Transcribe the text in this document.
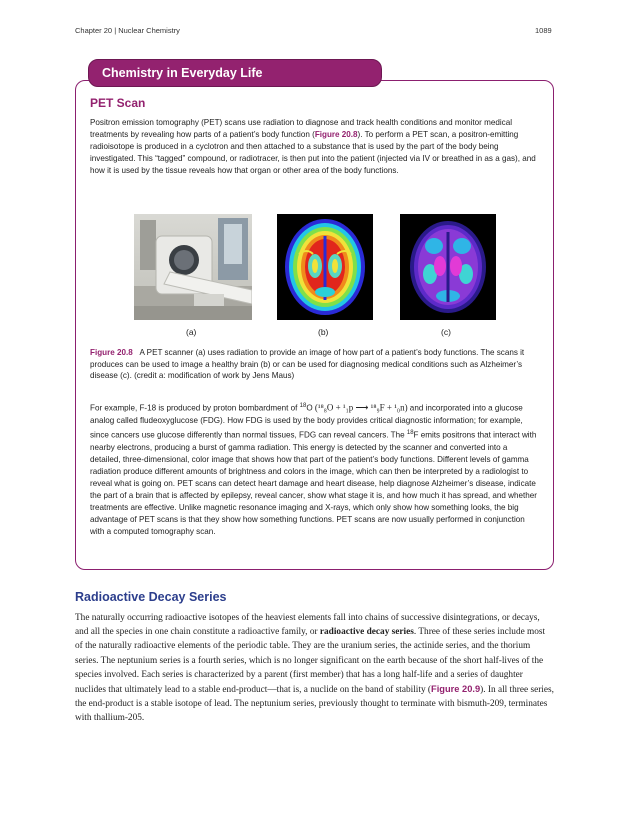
Chapter 20 | Nuclear Chemistry	1089
Chemistry in Everyday Life
PET Scan
Positron emission tomography (PET) scans use radiation to diagnose and track health conditions and monitor medical treatments by revealing how parts of a patient’s body function (Figure 20.8). To perform a PET scan, a positron-emitting radioisotope is produced in a cyclotron and then attached to a substance that is used by the part of the body being investigated. This “tagged” compound, or radiotracer, is then put into the patient (injected via IV or breathed in as a gas), and how it is used by the tissue reveals how that organ or other area of the body functions.
(a)	(b)	(c)
Figure 20.8 A PET scanner (a) uses radiation to provide an image of how part of a patient’s body functions. The scans it produces can be used to image a healthy brain (b) or can be used for diagnosing medical conditions such as Alzheimer’s disease (c). (credit a: modification of work by Jens Maus)
For example, F-18 is produced by proton bombardment of $^{18}$O (¹⁸₈O + ¹₁p ⟶ ¹⁸₉F + ¹₀n) and incorporated into a glucose analog called fludeoxyglucose (FDG). How FDG is used by the body provides critical diagnostic information; for example, since cancers use glucose differently than normal tissues, FDG can reveal cancers. The $^{18}$F emits positrons that interact with nearby electrons, producing a burst of gamma radiation. This energy is detected by the scanner and converted into a detailed, three-dimensional, color image that shows how that part of the patient’s body functions. Different levels of gamma radiation produce different amounts of brightness and colors in the image, which can then be interpreted by a radiologist to reveal what is going on. PET scans can detect heart damage and heart disease, help diagnose Alzheimer’s disease, indicate the part of a brain that is affected by epilepsy, reveal cancer, show what stage it is, and how much it has spread, and whether treatments are effective. Unlike magnetic resonance imaging and X-rays, which only show how something looks, the big advantage of PET scans is that they show how something functions. PET scans are now usually performed in conjunction with a computed tomography scan.
Radioactive Decay Series
The naturally occurring radioactive isotopes of the heaviest elements fall into chains of successive disintegrations, or decays, and all the species in one chain constitute a radioactive family, or radioactive decay series. Three of these series include most of the naturally radioactive elements of the periodic table. They are the uranium series, the actinide series, and the thorium series. The neptunium series is a fourth series, which is no longer significant on the earth because of the short half-lives of the species involved. Each series is characterized by a parent (first member) that has a long half-life and a series of daughter nuclides that ultimately lead to a stable end-product—that is, a nuclide on the band of stability (Figure 20.9). In all three series, the end-product is a stable isotope of lead. The neptunium series, previously thought to terminate with bismuth-209, terminates with thallium-205.
